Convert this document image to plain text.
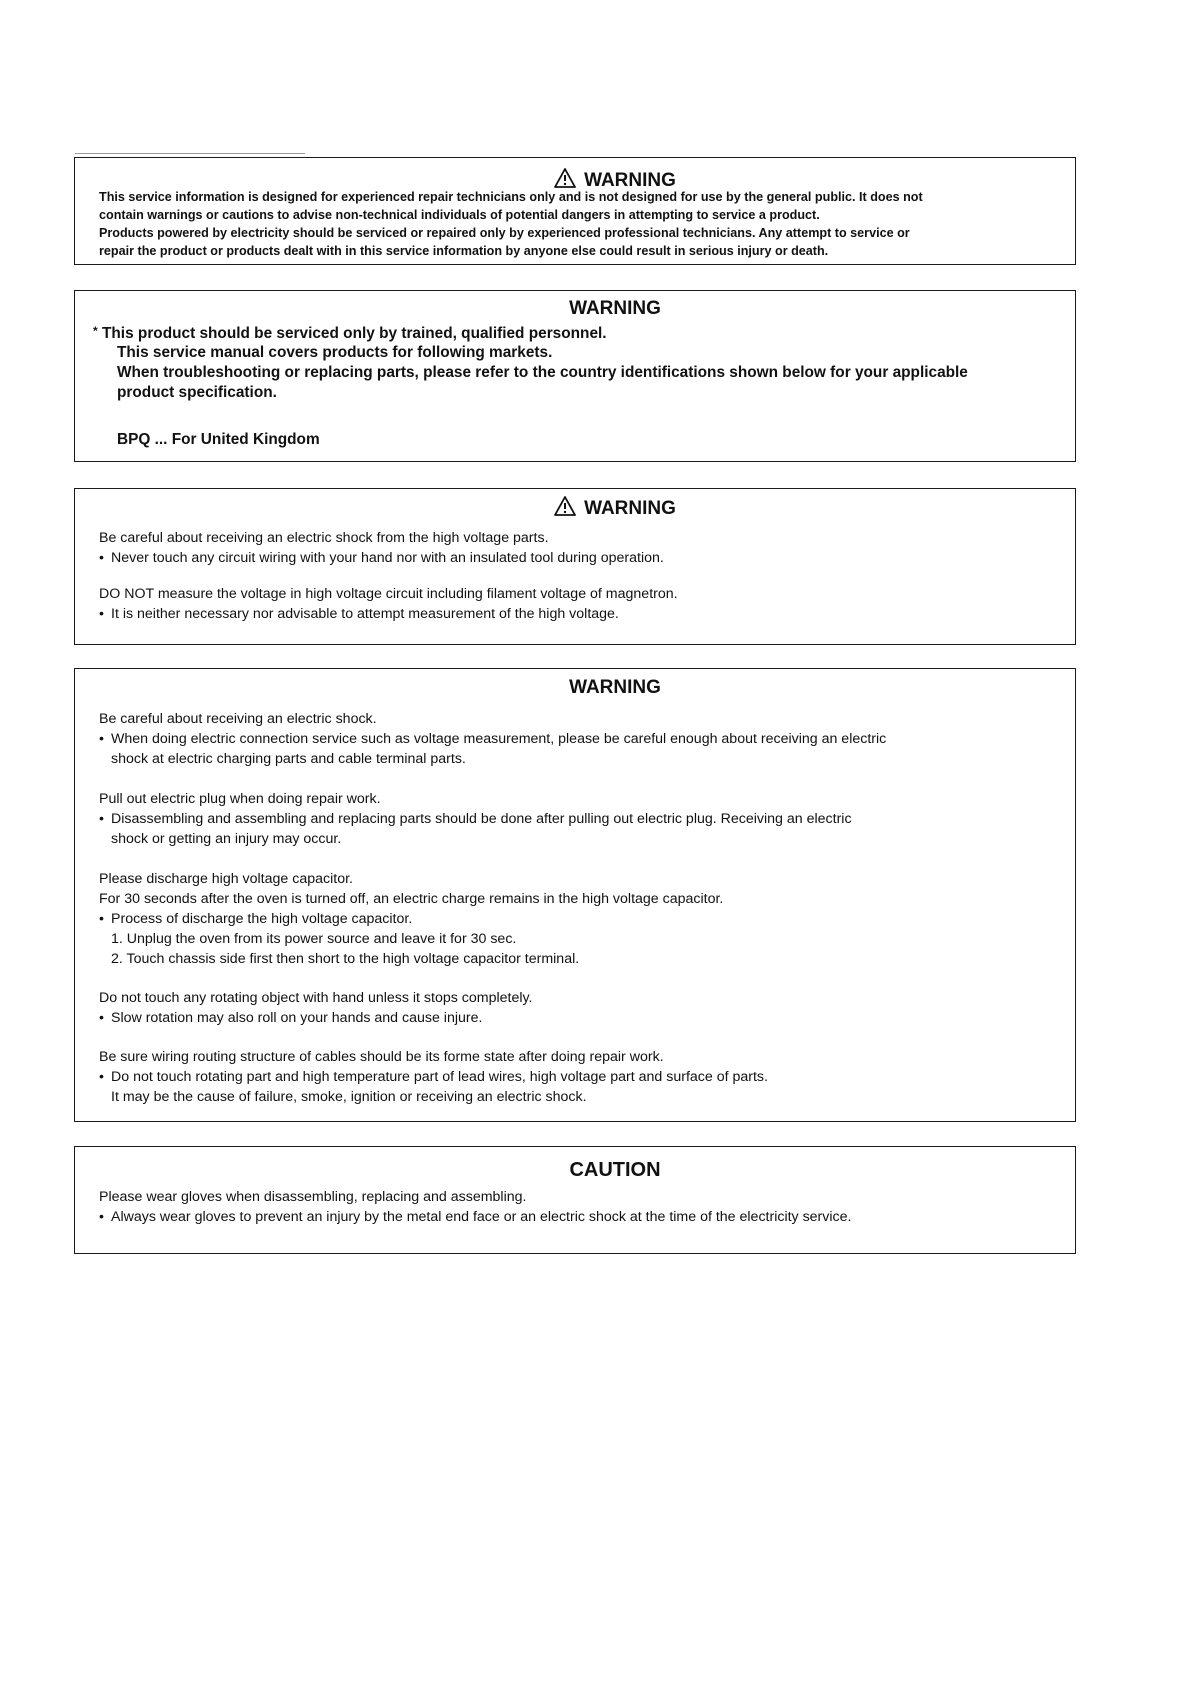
WARNING
This service information is designed for experienced repair technicians only and is not designed for use by the general public. It does not
contain warnings or cautions to advise non-technical individuals of potential dangers in attempting to service a product.
Products powered by electricity should be serviced or repaired only by experienced professional technicians. Any attempt to service or
repair the product or products dealt with in this service information by anyone else could result in serious injury or death.
WARNING
* This product should be serviced only by trained, qualified personnel.
This service manual covers products for following markets.
When troubleshooting or replacing parts, please refer to the country identifications shown below for your applicable
product specification.
BPQ ... For United Kingdom
WARNING
Be careful about receiving an electric shock from the high voltage parts.
• Never touch any circuit wiring with your hand nor with an insulated tool during operation.
DO NOT measure the voltage in high voltage circuit including filament voltage of magnetron.
• It is neither necessary nor advisable to attempt measurement of the high voltage.
WARNING
Be careful about receiving an electric shock.
• When doing electric connection service such as voltage measurement, please be careful enough about receiving an electric
shock at electric charging parts and cable terminal parts.
Pull out electric plug when doing repair work.
• Disassembling and assembling and replacing parts should be done after pulling out electric plug. Receiving an electric
shock or getting an injury may occur.
Please discharge high voltage capacitor.
For 30 seconds after the oven is turned off, an electric charge remains in the high voltage capacitor.
• Process of discharge the high voltage capacitor.
1. Unplug the oven from its power source and leave it for 30 sec.
2. Touch chassis side first then short to the high voltage capacitor terminal.
Do not touch any rotating object with hand unless it stops completely.
• Slow rotation may also roll on your hands and cause injure.
Be sure wiring routing structure of cables should be its forme state after doing repair work.
• Do not touch rotating part and high temperature part of lead wires, high voltage part and surface of parts.
It may be the cause of failure, smoke, ignition or receiving an electric shock.
CAUTION
Please wear gloves when disassembling, replacing and assembling.
• Always wear gloves to prevent an injury by the metal end face or an electric shock at the time of the electricity service.
